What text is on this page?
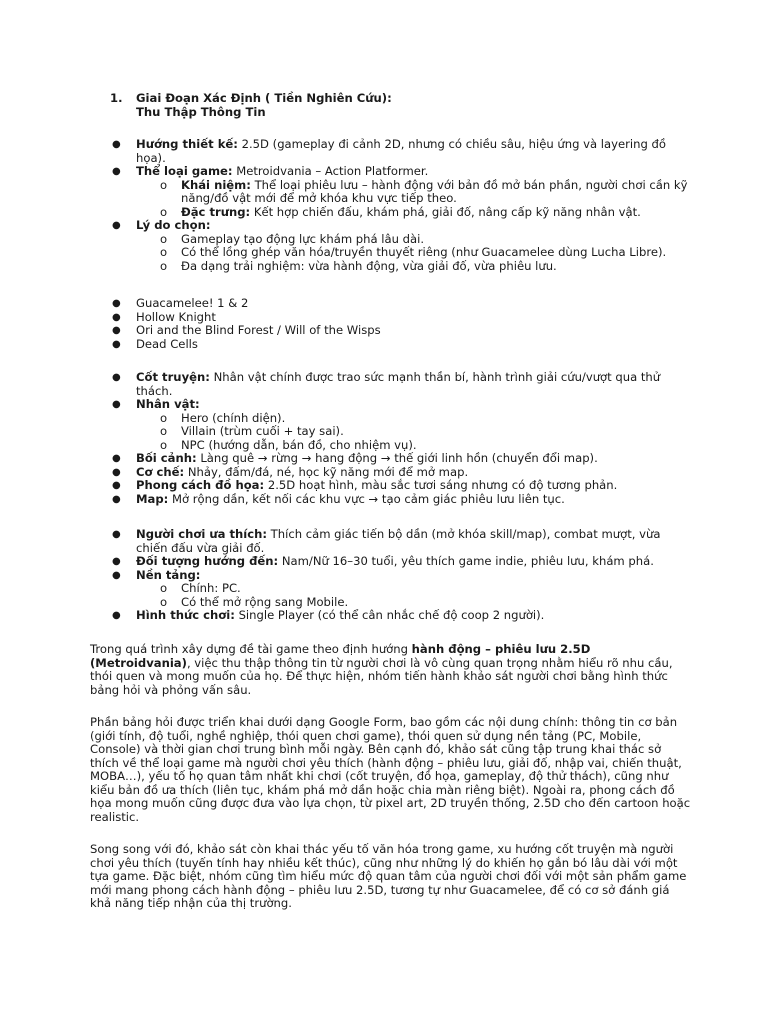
1. Giai Đoạn Xác Định ( Tiền Nghiên Cứu):
Thu Thập Thông Tin
● Hướng thiết kế: 2.5D (gameplay đi cảnh 2D, nhưng có chiều sâu, hiệu ứng và layering đồ
họa).
● Thể loại game: Metroidvania – Action Platformer.
o Khái niệm: Thể loại phiêu lưu – hành động với bản đồ mở bán phần, người chơi cần kỹ
năng/đồ vật mới để mở khóa khu vực tiếp theo.
o Đặc trưng: Kết hợp chiến đấu, khám phá, giải đố, nâng cấp kỹ năng nhân vật.
● Lý do chọn:
o Gameplay tạo động lực khám phá lâu dài.
o Có thể lồng ghép văn hóa/truyền thuyết riêng (như Guacamelee dùng Lucha Libre).
o Đa dạng trải nghiệm: vừa hành động, vừa giải đố, vừa phiêu lưu.
● Guacamelee! 1 & 2
● Hollow Knight
● Ori and the Blind Forest / Will of the Wisps
● Dead Cells
● Cốt truyện: Nhân vật chính được trao sức mạnh thần bí, hành trình giải cứu/vượt qua thử
thách.
● Nhân vật:
o Hero (chính diện).
o Villain (trùm cuối + tay sai).
o NPC (hướng dẫn, bán đồ, cho nhiệm vụ).
● Bối cảnh: Làng quê → rừng → hang động → thế giới linh hồn (chuyển đổi map).
● Cơ chế: Nhảy, đấm/đá, né, học kỹ năng mới để mở map.
● Phong cách đồ họa: 2.5D hoạt hình, màu sắc tươi sáng nhưng có độ tương phản.
● Map: Mở rộng dần, kết nối các khu vực → tạo cảm giác phiêu lưu liên tục.
● Người chơi ưa thích: Thích cảm giác tiến bộ dần (mở khóa skill/map), combat mượt, vừa
chiến đấu vừa giải đố.
● Đối tượng hướng đến: Nam/Nữ 16–30 tuổi, yêu thích game indie, phiêu lưu, khám phá.
● Nền tảng:
o Chính: PC.
o Có thể mở rộng sang Mobile.
● Hình thức chơi: Single Player (có thể cân nhắc chế độ coop 2 người).
Trong quá trình xây dựng đề tài game theo định hướng hành động – phiêu lưu 2.5D
(Metroidvania), việc thu thập thông tin từ người chơi là vô cùng quan trọng nhằm hiểu rõ nhu cầu,
thói quen và mong muốn của họ. Để thực hiện, nhóm tiến hành khảo sát người chơi bằng hình thức
bảng hỏi và phỏng vấn sâu.
Phần bảng hỏi được triển khai dưới dạng Google Form, bao gồm các nội dung chính: thông tin cơ bản
(giới tính, độ tuổi, nghề nghiệp, thói quen chơi game), thói quen sử dụng nền tảng (PC, Mobile,
Console) và thời gian chơi trung bình mỗi ngày. Bên cạnh đó, khảo sát cũng tập trung khai thác sở
thích về thể loại game mà người chơi yêu thích (hành động – phiêu lưu, giải đố, nhập vai, chiến thuật,
MOBA…), yếu tố họ quan tâm nhất khi chơi (cốt truyện, đồ họa, gameplay, độ thử thách), cũng như
kiểu bản đồ ưa thích (liên tục, khám phá mở dần hoặc chia màn riêng biệt). Ngoài ra, phong cách đồ
họa mong muốn cũng được đưa vào lựa chọn, từ pixel art, 2D truyền thống, 2.5D cho đến cartoon hoặc
realistic.
Song song với đó, khảo sát còn khai thác yếu tố văn hóa trong game, xu hướng cốt truyện mà người
chơi yêu thích (tuyến tính hay nhiều kết thúc), cũng như những lý do khiến họ gắn bó lâu dài với một
tựa game. Đặc biệt, nhóm cũng tìm hiểu mức độ quan tâm của người chơi đối với một sản phẩm game
mới mang phong cách hành động – phiêu lưu 2.5D, tương tự như Guacamelee, để có cơ sở đánh giá
khả năng tiếp nhận của thị trường.
